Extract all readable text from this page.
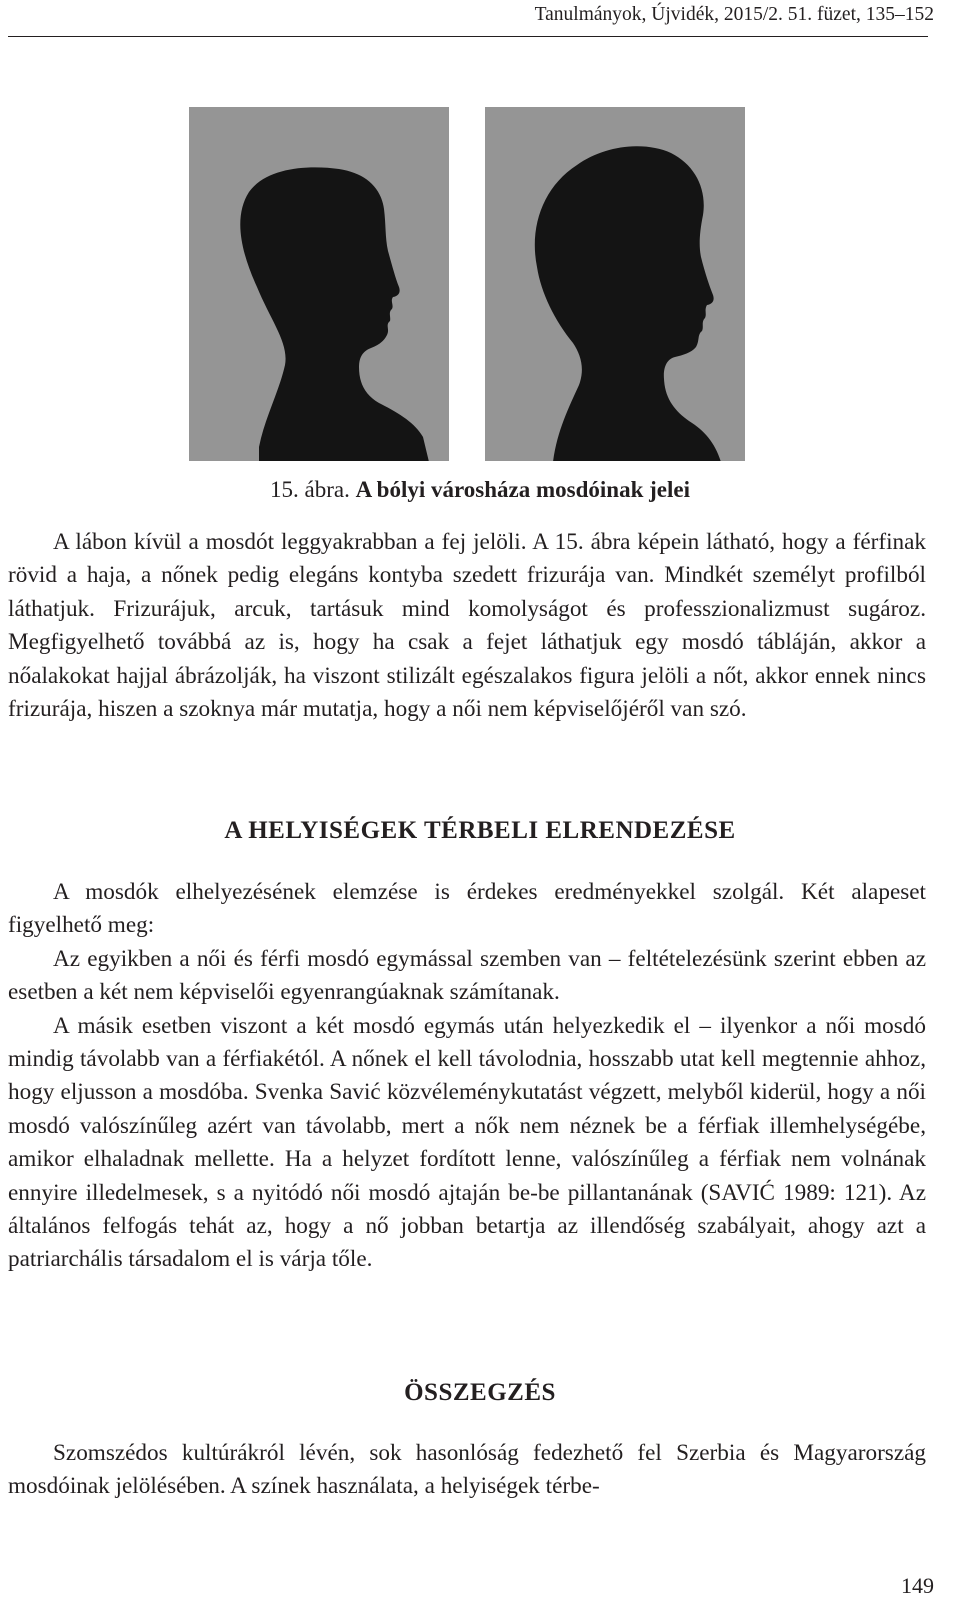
Tanulmányok, Újvidék, 2015/2. 51. füzet, 135–152
15. ábra. A bólyi városháza mosdóinak jelei

A lábon kívül a mosdót leggyakrabban a fej jelöli. A 15. ábra képein látható, hogy a férfinak rövid a haja, a nőnek pedig elegáns kontyba szedett frizurája van. Mindkét személyt profilból láthatjuk. Frizurájuk, arcuk, tartásuk mind komolyságot és professzionalizmust sugároz. Megfigyelhető továbbá az is, hogy ha csak a fejet láthatjuk egy mosdó tábláján, akkor a nőalakokat hajjal ábrázolják, ha viszont stilizált egészalakos figura jelöli a nőt, akkor ennek nincs frizurája, hiszen a szoknya már mutatja, hogy a női nem képviselőjéről van szó.

A HELYISÉGEK TÉRBELI ELRENDEZÉSE

A mosdók elhelyezésének elemzése is érdekes eredményekkel szolgál. Két alapeset figyelhető meg:

Az egyikben a női és férfi mosdó egymással szemben van – feltételezésünk szerint ebben az esetben a két nem képviselői egyenrangúaknak számítanak.

A másik esetben viszont a két mosdó egymás után helyezkedik el – ilyenkor a női mosdó mindig távolabb van a férfiakétól. A nőnek el kell távolodnia, hosszabb utat kell megtennie ahhoz, hogy eljusson a mosdóba. Svenka Savić közvéleménykutatást végzett, melyből kiderül, hogy a női mosdó valószínűleg azért van távolabb, mert a nők nem néznek be a férfiak illemhelységébe, amikor elhaladnak mellette. Ha a helyzet fordított lenne, valószínűleg a férfiak nem volnának ennyire illedelmesek, s a nyitódó női mosdó ajtaján be-be pillantanának (SAVIĆ 1989: 121). Az általános felfogás tehát az, hogy a nő jobban betartja az illendőség szabályait, ahogy azt a patriarchális társadalom el is várja tőle.

ÖSSZEGZÉS

Szomszédos kultúrákról lévén, sok hasonlóság fedezhető fel Szerbia és Magyarország mosdóinak jelölésében. A színek használata, a helyiségek térbe-

149
